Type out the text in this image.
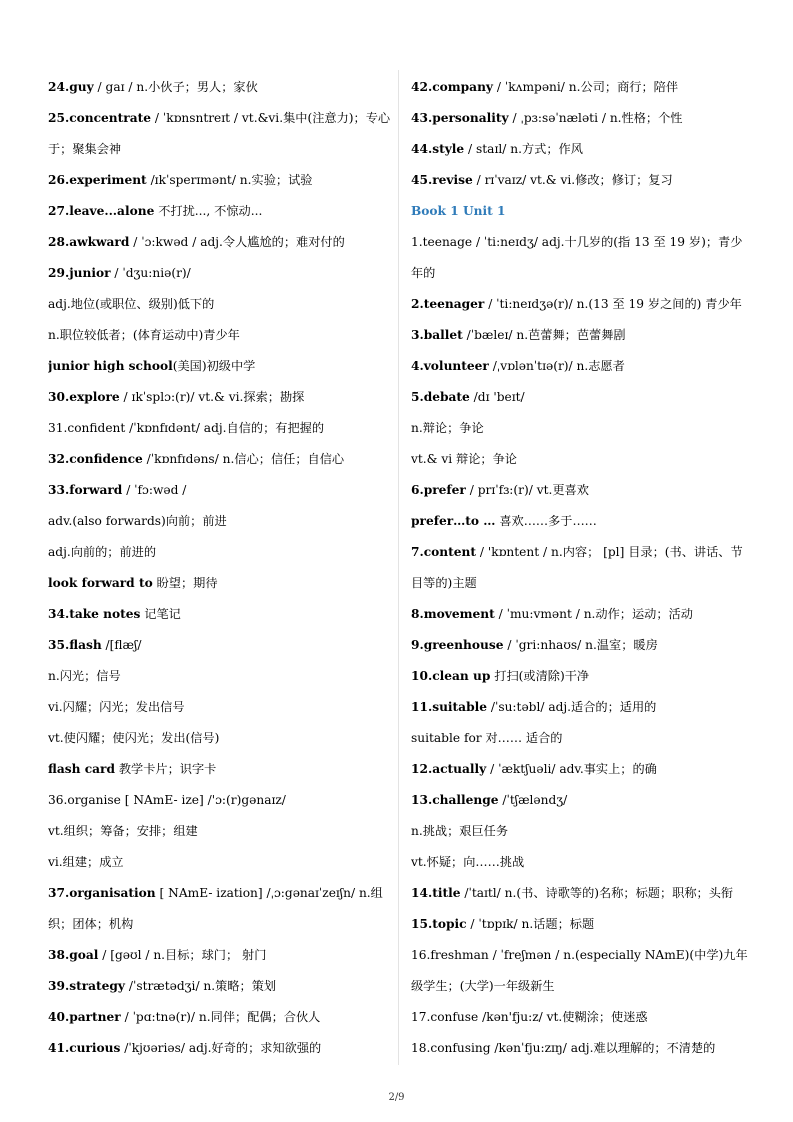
24.guy / gaɪ / n.小伙子；男人；家伙
25.concentrate / ˈkɒnsntreɪt / vt.&vi.集中(注意力)；专心
于；聚集会神
26.experiment /ɪkˈsperɪmənt/ n.实验；试验
27.leave...alone 不打扰..., 不惊动...
28.awkward / ˈɔ:kwəd / adj.令人尴尬的；难对付的
29.junior / ˈdʒu:niə(r)/
adj.地位(或职位、级别)低下的
n.职位较低者；(体育运动中)青少年
junior high school(美国)初级中学
30.explore / ɪkˈsplɔ:(r)/ vt.& vi.探索；勘探
31.confident /ˈkɒnfɪdənt/ adj.自信的；有把握的
32.confidence /ˈkɒnfɪdəns/ n.信心；信任；自信心
33.forward / ˈfɔ:wəd /
adv.(also forwards)向前；前进
adj.向前的；前进的
look forward to 盼望；期待
34.take notes 记笔记
35.flash /[flæʃ/
n.闪光；信号
vi.闪耀；闪光；发出信号
vt.使闪耀；使闪光；发出(信号)
flash card 教学卡片；识字卡
36.organise [ NAmE- ize] /'ɔ:(r)gənaɪz/
vt.组织；筹备；安排；组建
vi.组建；成立
37.organisation [ NAmE- ization] /ˌɔ:gənaɪˈzeɪʃn/ n.组
织；团体；机构
38.goal / [gəʊl / n.目标；球门； 射门
39.strategy /ˈstrætədʒi/ n.策略；策划
40.partner / ˈpɑ:tnə(r)/ n.同伴；配偶；合伙人
41.curious /ˈkjʊəriəs/ adj.好奇的；求知欲强的
42.company / ˈkʌmpəni/ n.公司；商行；陪伴
43.personality / ˌpɜ:səˈnæləti / n.性格；个性
44.style / staɪl/ n.方式；作风
45.revise / rɪˈvaɪz/ vt.& vi.修改；修订；复习
Book 1 Unit 1
1.teenage / ˈti:neɪdʒ/ adj.十几岁的(指 13 至 19 岁)；青少
年的
2.teenager / ˈti:neɪdʒə(r)/ n.(13 至 19 岁之间的) 青少年
3.ballet /ˈbæleɪ/ n.芭蕾舞；芭蕾舞剧
4.volunteer /ˌvɒlənˈtɪə(r)/ n.志愿者
5.debate /dɪ 'beɪt/
n.辩论；争论
vt.& vi 辩论；争论
6.prefer / prɪˈfɜ:(r)/ vt.更喜欢
prefer…to … 喜欢……多于……
7.content / 'kɒntent / n.内容； [pl] 目录；(书、讲话、节
目等的)主题
8.movement / ˈmu:vmənt / n.动作；运动；活动
9.greenhouse / ˈgri:nhaʊs/ n.温室；暖房
10.clean up 打扫(或清除)干净
11.suitable /ˈsu:təbl/ adj.适合的；适用的
suitable for 对…… 适合的
12.actually / ˈæktʃuəli/ adv.事实上；的确
13.challenge /ˈtʃæləndʒ/
n.挑战；艰巨任务
vt.怀疑；向……挑战
14.title /ˈtaɪtl/ n.(书、诗歌等的)名称；标题；职称；头衔
15.topic / ˈtɒpɪk/ n.话题；标题
16.freshman / ˈfreʃmən / n.(especially NAmE)(中学)九年
级学生；(大学)一年级新生
17.confuse /kən'fju:z/ vt.使糊涂；使迷惑
18.confusing /kənˈfju:zɪŋ/ adj.难以理解的；不清楚的
2/9
